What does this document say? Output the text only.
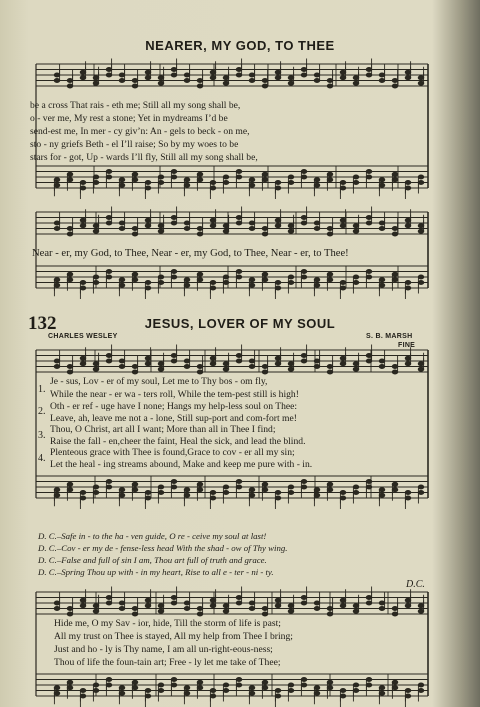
NEARER, MY GOD, TO THEE
be a cross That rais - eth me; Still all my song shall be,
o - ver me, My rest a stone; Yet in mydreams I’d be
send-est me, In mer - cy giv’n: An - gels to beck - on me,
sto - ny griefs Beth - el I’ll raise; So by my woes to be
stars for - got, Up - wards I’ll fly, Still all my song shall be,
Near - er, my God, to Thee, Near - er, my God, to Thee, Near - er, to Thee!
132	JESUS, LOVER OF MY SOUL
CHARLES WESLEY	S. B. MARSH
FINE
1.
Je - sus, Lov - er of my soul, Let me to Thy bos - om fly,
While the near - er wa - ters roll, While the tem-pest still is high!
2. Oth - er ref - uge have I none; Hangs my help-less soul on Thee:
Leave, ah, leave me not a - lone, Still sup-port and com-fort me!
3.
Thou, O Christ, art all I want; More than all in Thee I find;
Raise the fall - en,cheer the faint, Heal the sick, and lead the blind.
4.
Plenteous grace with Thee is found,Grace to cov - er all my sin;
Let the heal - ing streams abound, Make and keep me pure with - in.
D. C.–Safe in - to the ha - ven guide, O re - ceive my soul at last!
D. C.–Cov - er my de - fense-less head With the shad - ow of Thy wing.
D. C.–False and full of sin I am, Thou art full of truth and grace.
D. C.–Spring Thou up with - in my heart, Rise to all e - ter - ni - ty.
D.C.
Hide me, O my Sav - ior, hide, Till the storm of life is past;
All my trust on Thee is stayed, All my help from Thee I bring;
Just and ho - ly is Thy name, I am all un-right-eous-ness;
Thou of life the foun-tain art; Free - ly let me take of Thee;
